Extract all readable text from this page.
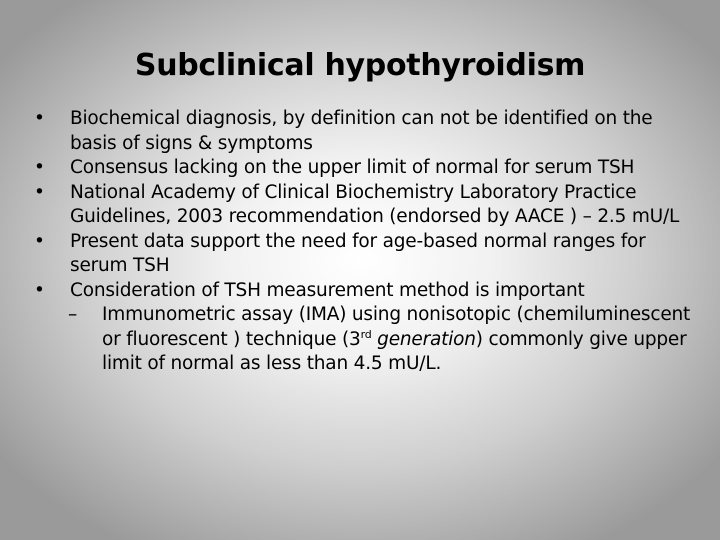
Subclinical hypothyroidism
• Biochemical diagnosis, by definition can not be identified on the basis of signs & symptoms
• Consensus lacking on the upper limit of normal for serum TSH
• National Academy of Clinical Biochemistry Laboratory Practice Guidelines, 2003 recommendation (endorsed by AACE ) – 2.5 mU/L
• Present data support the need for age-based normal ranges for serum TSH
• Consideration of TSH measurement method is important
– Immunometric assay (IMA) using nonisotopic (chemiluminescent or fluorescent ) technique (3rd generation) commonly give upper limit of normal as less than 4.5 mU/L.
